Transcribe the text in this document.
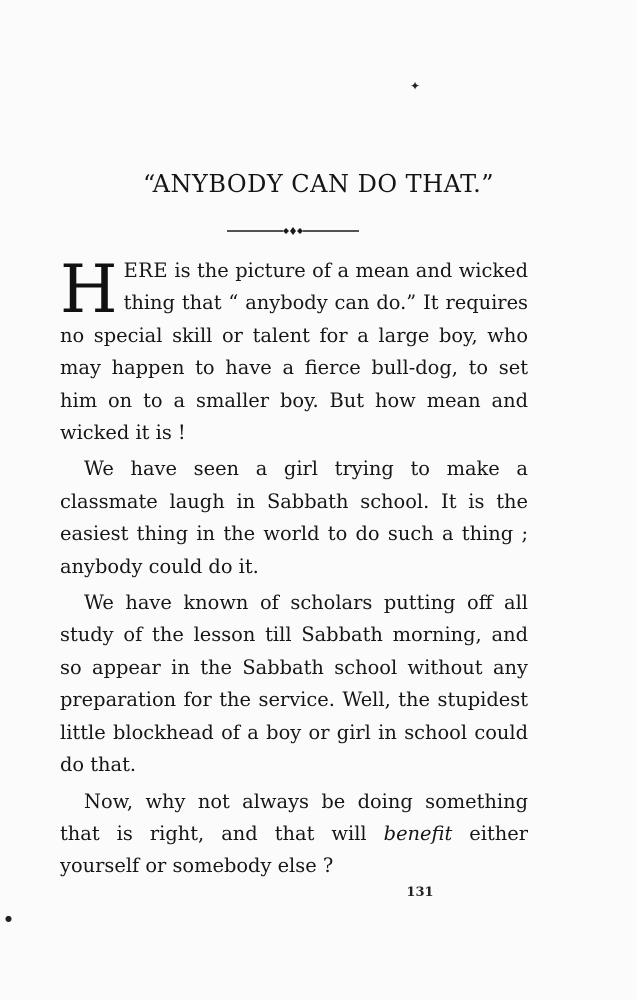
✦
●
“ANYBODY CAN DO THAT.”

HERE is the picture of a mean and wicked thing that “ anybody can do.” It requires no special skill or talent for a large boy, who may happen to have a fierce bull-dog, to set him on to a smaller boy. But how mean and wicked it is !

We have seen a girl trying to make a classmate laugh in Sabbath school. It is the easiest thing in the world to do such a thing ; anybody could do it.

We have known of scholars putting off all study of the lesson till Sabbath morning, and so appear in the Sabbath school without any preparation for the service. Well, the stupidest little blockhead of a boy or girl in school could do that.

Now, why not always be doing something that is right, and that will benefit either yourself or somebody else ?

131
